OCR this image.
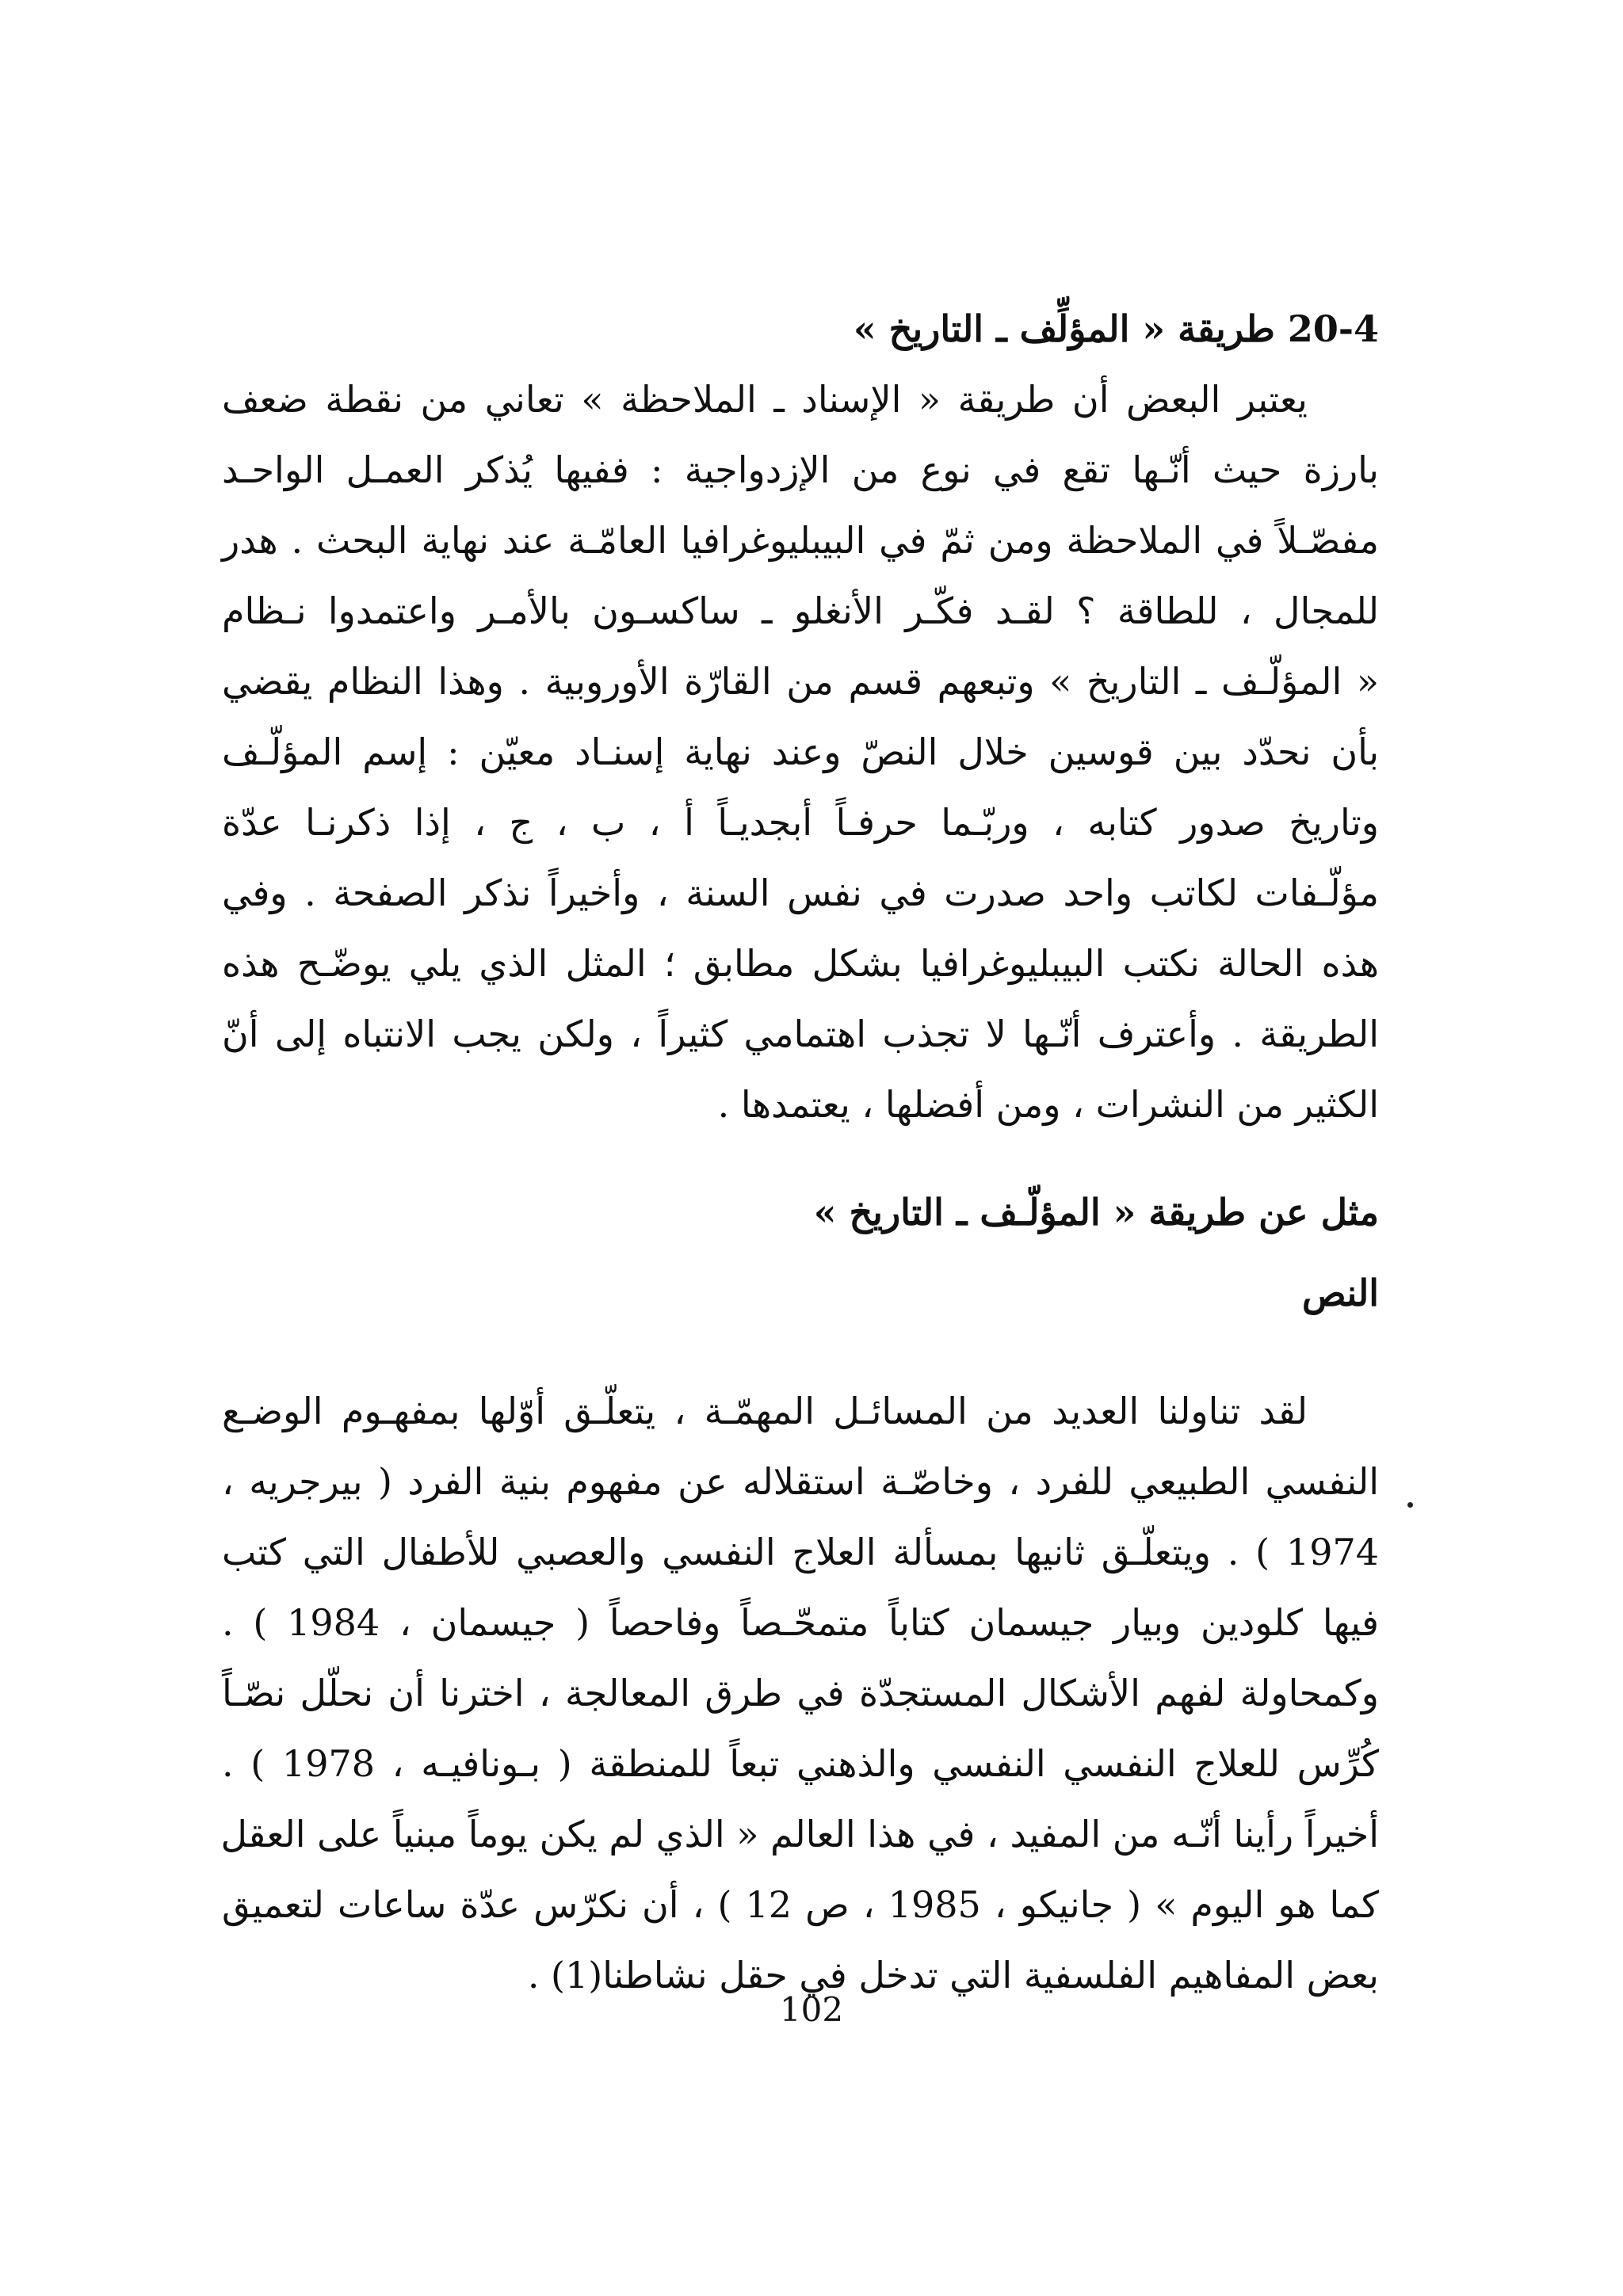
20-4 طريقة « المؤلِّف ـ التاريخ »

يعتبر البعض أن طريقة « الإسناد ـ الملاحظة » تعاني من نقطة ضعف
بارزة حيث أنّـها تقع في نوع من الإزدواجية : ففيها يُذكر العمـل الواحـد
مفصّـلاً في الملاحظة ومن ثمّ في البيبليوغرافيا العامّـة عند نهاية البحث . هدر
للمجال ، للطاقة ؟ لقـد فكّـر الأنغلو ـ ساكسـون بالأمـر واعتمدوا نـظام
« المؤلّـف ـ التاريخ » وتبعهم قسم من القارّة الأوروبية . وهذا النظام يقضي
بأن نحدّد بين قوسين خلال النصّ وعند نهاية إسنـاد معيّن : إسم المؤلّـف
وتاريخ صدور كتابه ، وربّـما حرفـاً أبجديـاً أ ، ب ، ج ، إذا ذكرنـا عدّة
مؤلّـفات لكاتب واحد صدرت في نفس السنة ، وأخيراً نذكر الصفحة . وفي
هذه الحالة نكتب البيبليوغرافيا بشكل مطابق ؛ المثل الذي يلي يوضّـح هذه
الطريقة . وأعترف أنّـها لا تجذب اهتمامي كثيراً ، ولكن يجب الانتباه إلى أنّ
الكثير من النشرات ، ومن أفضلها ، يعتمدها .

مثل عن طريقة « المؤلّـف ـ التاريخ »
النص

لقد تناولنا العديد من المسائـل المهمّـة ، يتعلّـق أوّلها بمفهـوم الوضـع
النفسي الطبيعي للفرد ، وخاصّـة استقلاله عن مفهوم بنية الفرد ( بيرجريه ،
1974 ) . ويتعلّـق ثانيها بمسألة العلاج النفسي والعصبي للأطفال التي كتب
فيها كلودين وبيار جيسمان كتاباً متمحّـصاً وفاحصاً ( جيسمان ، 1984 ) .
وكمحاولة لفهم الأشكال المستجدّة في طرق المعالجة ، اخترنا أن نحلّل نصّـاً
كُرِّس للعلاج النفسي النفسي والذهني تبعاً للمنطقة ( بـونافيـه ، 1978 ) .
أخيراً رأينا أنّـه من المفيد ، في هذا العالم « الذي لم يكن يوماً مبنياً على العقل
كما هو اليوم » ( جانيكو ، 1985 ، ص 12 ) ، أن نكرّس عدّة ساعات لتعميق
بعض المفاهيم الفلسفية التي تدخل في حقل نشاطنا(1) .

102
